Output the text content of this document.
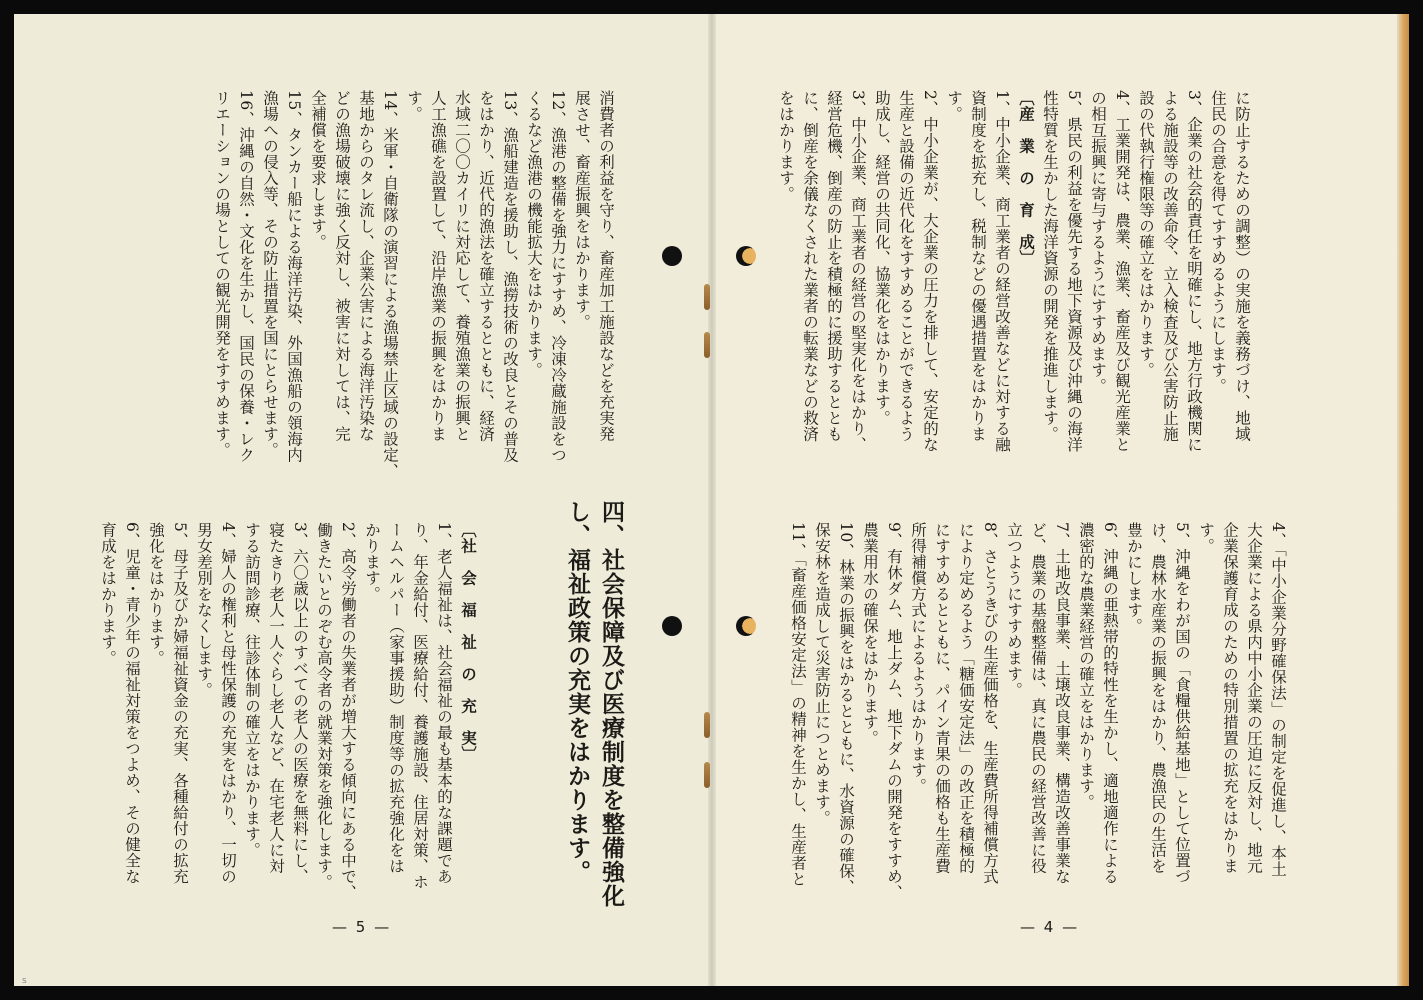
消費者の利益を守り、畜産加工施設などを充実発
展させ、畜産振興をはかります。
12、漁港の整備を強力にすすめ、冷凍冷蔵施設をつ
くるなど漁港の機能拡大をはかります。
13、漁船建造を援助し、漁撈技術の改良とその普及
をはかり、近代的漁法を確立するとともに、経済
水域二〇〇カイリに対応して、養殖漁業の振興と
人工漁礁を設置して、沿岸漁業の振興をはかりま
す。
14、米軍・自衛隊の演習による漁場禁止区域の設定、
基地からのタレ流し、企業公害による海洋汚染な
どの漁場破壊に強く反対し、被害に対しては、完
全補償を要求します。
15、タンカー船による海洋汚染、外国漁船の領海内
漁場への侵入等、その防止措置を国にとらせます。
16、沖縄の自然・文化を生かし、国民の保養・レク
リエーションの場としての観光開発をすすめます。
四、社会保障及び医療制度を整備強化
し、福祉政策の充実をはかります。
〔社　会　福　祉　の　充　実〕
1、老人福祉は、社会福祉の最も基本的な課題であ
り、年金給付、医療給付、養護施設、住居対策、ホ
ームヘルパー（家事援助）制度等の拡充強化をは
かります。
2、高令労働者の失業者が増大する傾向にある中で、
働きたいとのぞむ高令者の就業対策を強化します。
3、六〇歳以上のすべての老人の医療を無料にし、
寝たきり老人一人ぐらし老人など、在宅老人に対
する訪問診療、往診体制の確立をはかります。
4、婦人の権利と母性保護の充実をはかり、一切の
男女差別をなくします。
5、母子及びか婦福祉資金の充実、各種給付の拡充
強化をはかります。
6、児童・青少年の福祉対策をつよめ、その健全な
育成をはかります。
— 5 —
に防止するための調整）の実施を義務づけ、地域
住民の合意を得てすすめるようにします。
3、企業の社会的責任を明確にし、地方行政機関に
よる施設等の改善命令、立入検査及び公害防止施
設の代執行権限等の確立をはかります。
4、工業開発は、農業、漁業、畜産及び観光産業と
の相互振興に寄与するようにすすめます。
5、県民の利益を優先する地下資源及び沖縄の海洋
性特質を生かした海洋資源の開発を推進します。
〔産　業　の　育　成〕
1、中小企業、商工業者の経営改善などに対する融
資制度を拡充し、税制などの優遇措置をはかりま
す。
2、中小企業が、大企業の圧力を排して、安定的な
生産と設備の近代化をすすめることができるよう
助成し、経営の共同化、協業化をはかります。
3、中小企業、商工業者の経営の堅実化をはかり、
経営危機、倒産の防止を積極的に援助するととも
に、倒産を余儀なくされた業者の転業などの救済
をはかります。
4、「中小企業分野確保法」の制定を促進し、本土
大企業による県内中小企業の圧迫に反対し、地元
企業保護育成のための特別措置の拡充をはかりま
す。
5、沖縄をわが国の「食糧供給基地」として位置づ
け、農林水産業の振興をはかり、農漁民の生活を
豊かにします。
6、沖縄の亜熱帯的特性を生かし、適地適作による
濃密的な農業経営の確立をはかります。
7、土地改良事業、土壌改良事業、構造改善事業な
ど、農業の基盤整備は、真に農民の経営改善に役
立つようにすすめます。
8、さとうきびの生産価格を、生産費所得補償方式
により定めるよう「糖価安定法」の改正を積極的
にすすめるとともに、パイン青果の価格も生産費
所得補償方式によるようはかります。
9、有休ダム、地上ダム、地下ダムの開発をすすめ、
農業用水の確保をはかります。
10、林業の振興をはかるとともに、水資源の確保、
保安林を造成して災害防止につとめます。
11、「畜産価格安定法」の精神を生かし、生産者と
— 4 —
ѕ
